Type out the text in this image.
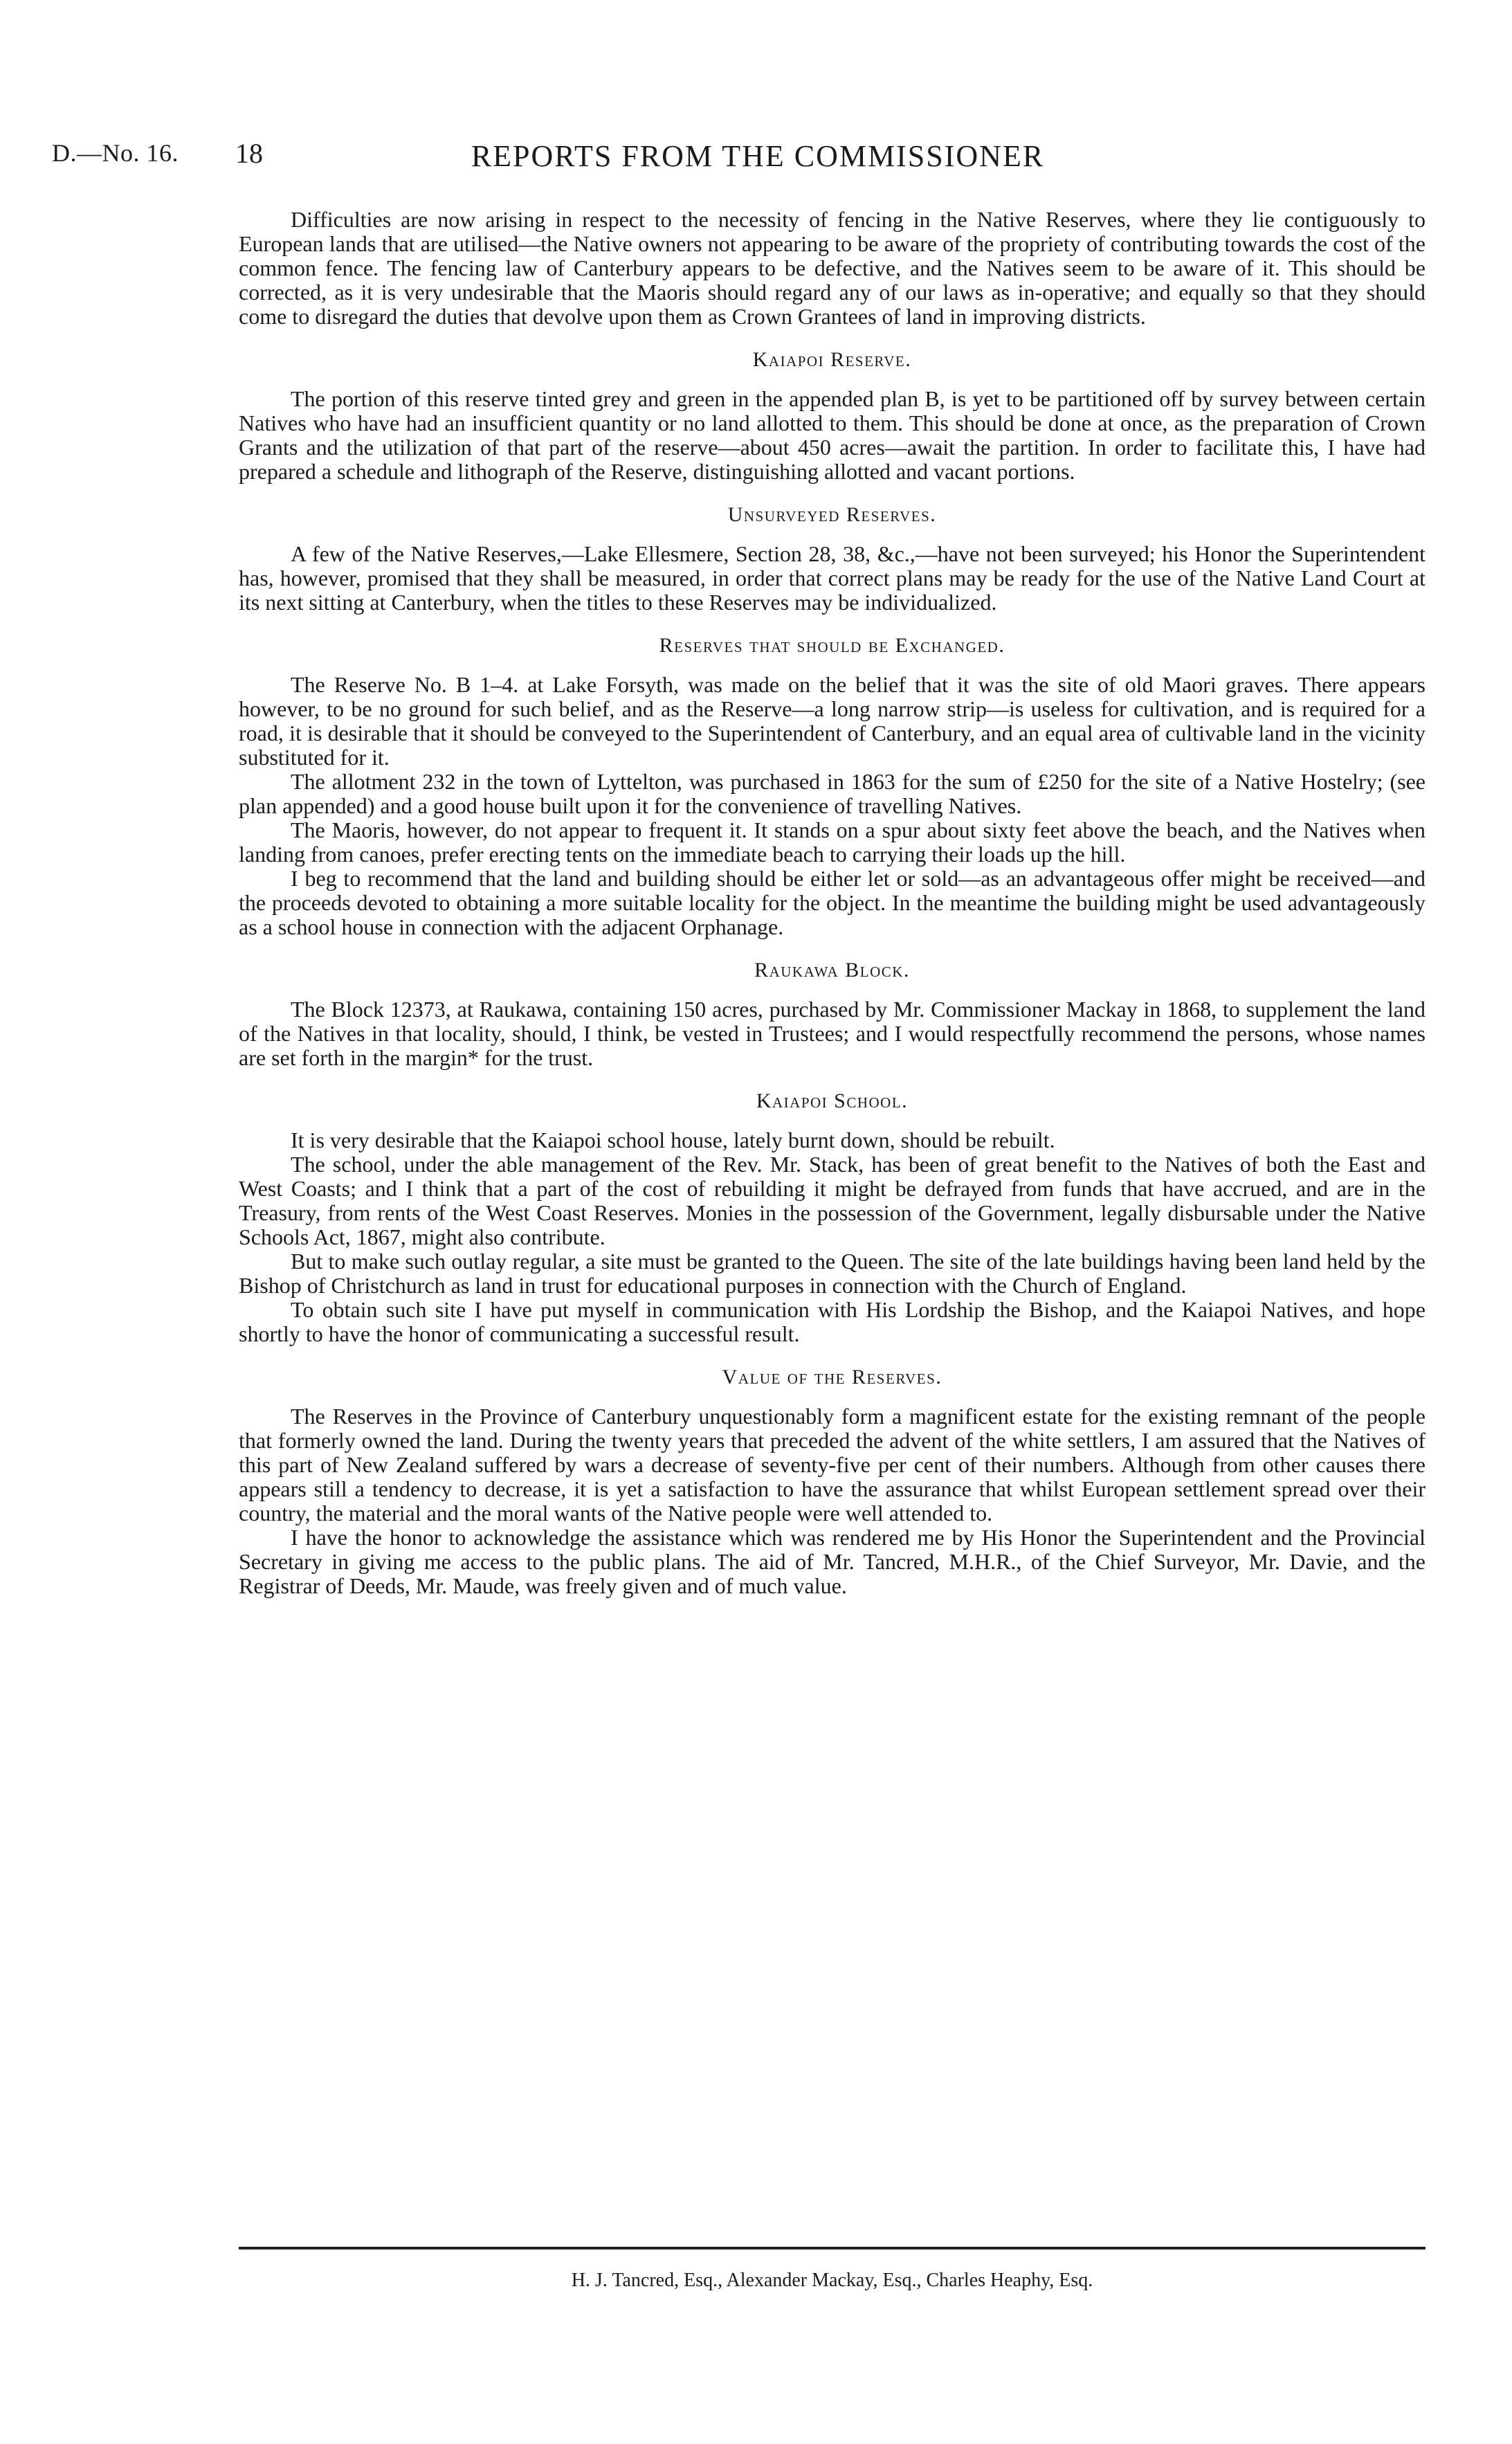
D.—No. 16. 18	REPORTS FROM THE COMMISSIONER

Difficulties are now arising in respect to the necessity of fencing in the Native Reserves, where they lie contiguously to European lands that are utilised—the Native owners not appearing to be aware of the propriety of contributing towards the cost of the common fence. The fencing law of Canterbury appears to be defective, and the Natives seem to be aware of it. This should be corrected, as it is very undesirable that the Maoris should regard any of our laws as in-operative; and equally so that they should come to disregard the duties that devolve upon them as Crown Grantees of land in improving districts.

Kaiapoi Reserve.

The portion of this reserve tinted grey and green in the appended plan B, is yet to be partitioned off by survey between certain Natives who have had an insufficient quantity or no land allotted to them. This should be done at once, as the preparation of Crown Grants and the utilization of that part of the reserve—about 450 acres—await the partition. In order to facilitate this, I have had prepared a schedule and lithograph of the Reserve, distinguishing allotted and vacant portions.

Unsurveyed Reserves.

A few of the Native Reserves,—Lake Ellesmere, Section 28, 38, &c.,—have not been surveyed; his Honor the Superintendent has, however, promised that they shall be measured, in order that correct plans may be ready for the use of the Native Land Court at its next sitting at Canterbury, when the titles to these Reserves may be individualized.

Reserves that should be Exchanged.

The Reserve No. B 1–4. at Lake Forsyth, was made on the belief that it was the site of old Maori graves. There appears however, to be no ground for such belief, and as the Reserve—a long narrow strip—is useless for cultivation, and is required for a road, it is desirable that it should be conveyed to the Superintendent of Canterbury, and an equal area of cultivable land in the vicinity substituted for it.

The allotment 232 in the town of Lyttelton, was purchased in 1863 for the sum of £250 for the site of a Native Hostelry; (see plan appended) and a good house built upon it for the convenience of travelling Natives.

The Maoris, however, do not appear to frequent it. It stands on a spur about sixty feet above the beach, and the Natives when landing from canoes, prefer erecting tents on the immediate beach to carrying their loads up the hill.

I beg to recommend that the land and building should be either let or sold—as an advantageous offer might be received—and the proceeds devoted to obtaining a more suitable locality for the object. In the meantime the building might be used advantageously as a school house in connection with the adjacent Orphanage.

Raukawa Block.

The Block 12373, at Raukawa, containing 150 acres, purchased by Mr. Commissioner Mackay in 1868, to supplement the land of the Natives in that locality, should, I think, be vested in Trustees; and I would respectfully recommend the persons, whose names are set forth in the margin* for the trust.

Kaiapoi School.

It is very desirable that the Kaiapoi school house, lately burnt down, should be rebuilt.

The school, under the able management of the Rev. Mr. Stack, has been of great benefit to the Natives of both the East and West Coasts; and I think that a part of the cost of rebuilding it might be defrayed from funds that have accrued, and are in the Treasury, from rents of the West Coast Reserves. Monies in the possession of the Government, legally disbursable under the Native Schools Act, 1867, might also contribute.

But to make such outlay regular, a site must be granted to the Queen. The site of the late buildings having been land held by the Bishop of Christchurch as land in trust for educational purposes in connection with the Church of England.

To obtain such site I have put myself in communication with His Lordship the Bishop, and the Kaiapoi Natives, and hope shortly to have the honor of communicating a successful result.

Value of the Reserves.

The Reserves in the Province of Canterbury unquestionably form a magnificent estate for the existing remnant of the people that formerly owned the land. During the twenty years that preceded the advent of the white settlers, I am assured that the Natives of this part of New Zealand suffered by wars a decrease of seventy-five per cent of their numbers. Although from other causes there appears still a tendency to decrease, it is yet a satisfaction to have the assurance that whilst European settlement spread over their country, the material and the moral wants of the Native people were well attended to.

I have the honor to acknowledge the assistance which was rendered me by His Honor the Superintendent and the Provincial Secretary in giving me access to the public plans. The aid of Mr. Tancred, M.H.R., of the Chief Surveyor, Mr. Davie, and the Registrar of Deeds, Mr. Maude, was freely given and of much value.

H. J. Tancred, Esq., Alexander Mackay, Esq., Charles Heaphy, Esq.
